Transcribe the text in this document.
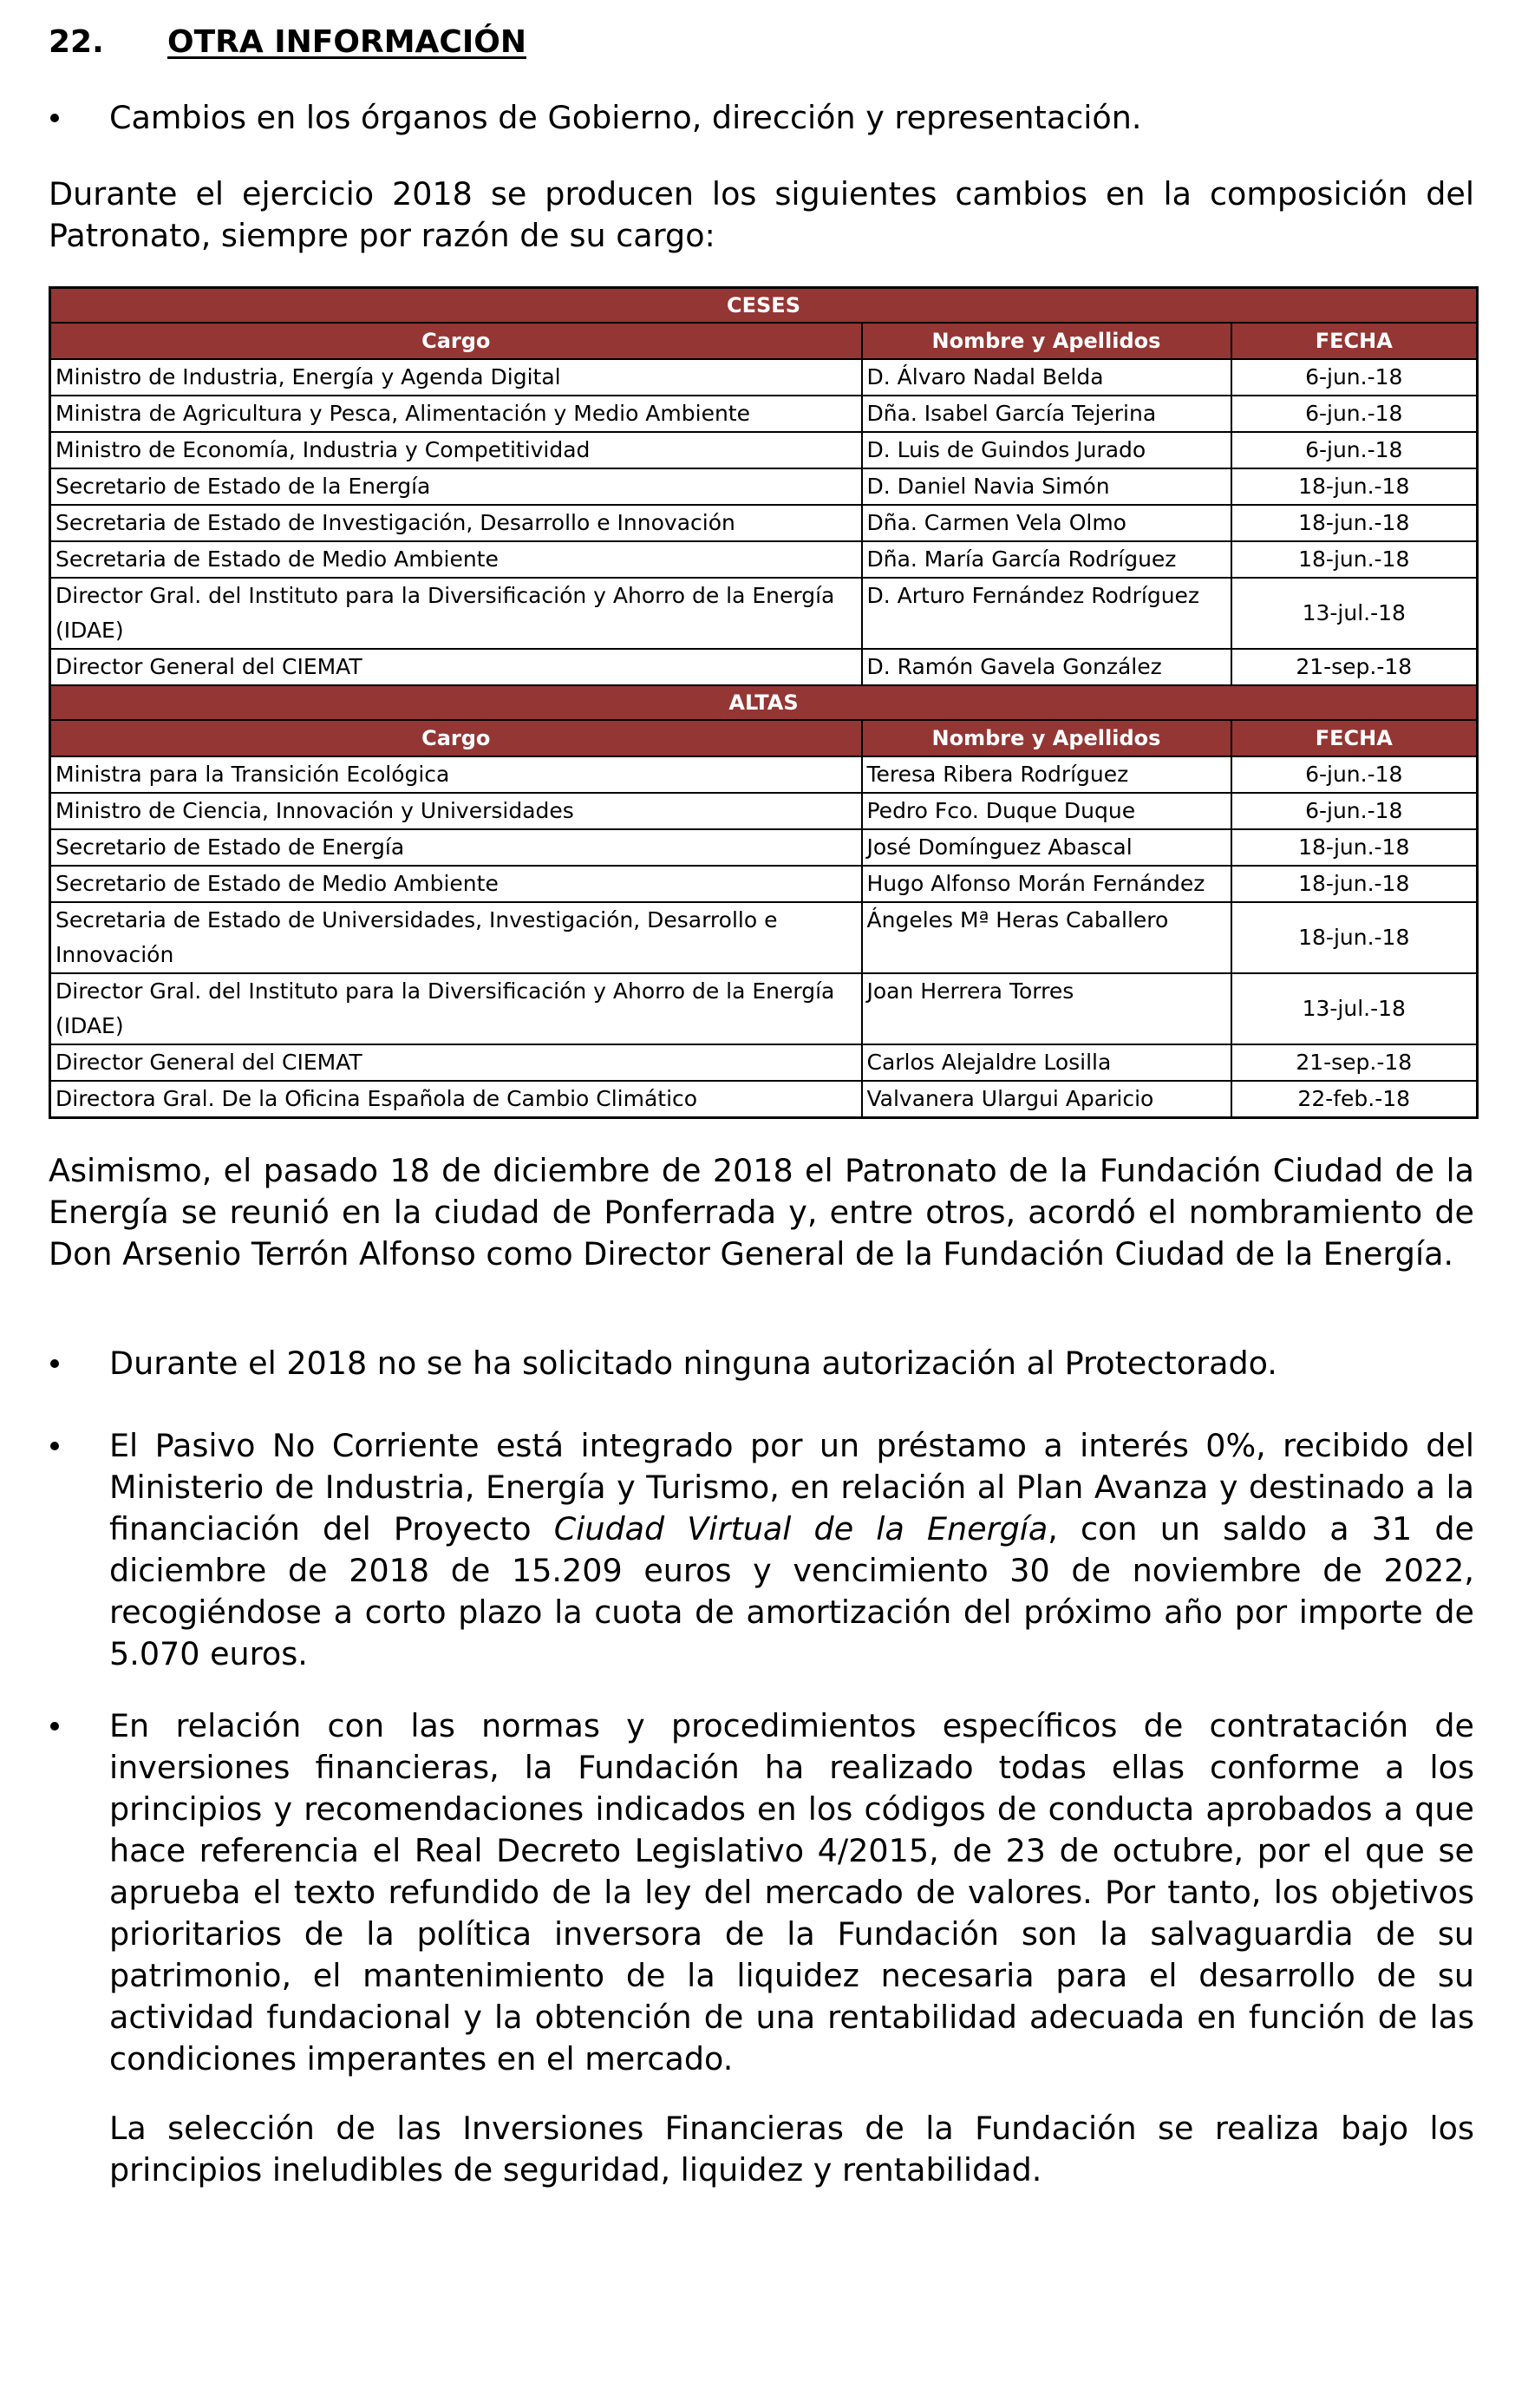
22.	OTRA INFORMACIÓN
Cambios en los órganos de Gobierno, dirección y representación.
Durante el ejercicio 2018 se producen los siguientes cambios en la composición del Patronato, siempre por razón de su cargo:
CESES		
Cargo	Nombre y Apellidos	FECHA
Ministro de Industria, Energía y Agenda Digital	D. Álvaro Nadal Belda	6-jun.-18
Ministra de Agricultura y Pesca, Alimentación y Medio Ambiente	Dña. Isabel García Tejerina	6-jun.-18
Ministro de Economía, Industria y Competitividad	D. Luis de Guindos Jurado	6-jun.-18
Secretario de Estado de la Energía	D. Daniel Navia Simón	18-jun.-18
Secretaria de Estado de Investigación, Desarrollo e Innovación	Dña. Carmen Vela Olmo	18-jun.-18
Secretaria de Estado de Medio Ambiente	Dña. María García Rodríguez	18-jun.-18
Director Gral. del Instituto para la Diversificación y Ahorro de la Energía (IDAE)	D. Arturo Fernández Rodríguez	13-jul.-18
Director General del CIEMAT	D. Ramón Gavela González	21-sep.-18
ALTAS		
Cargo	Nombre y Apellidos	FECHA
Ministra para la Transición Ecológica	Teresa Ribera Rodríguez	6-jun.-18
Ministro de Ciencia, Innovación y Universidades	Pedro Fco. Duque Duque	6-jun.-18
Secretario de Estado de Energía	José Domínguez Abascal	18-jun.-18
Secretario de Estado de Medio Ambiente	Hugo Alfonso Morán Fernández	18-jun.-18
Secretaria de Estado de Universidades, Investigación, Desarrollo e Innovación	Ángeles Mª Heras Caballero	18-jun.-18
Director Gral. del Instituto para la Diversificación y Ahorro de la Energía (IDAE)	Joan Herrera Torres	13-jul.-18
Director General del CIEMAT	Carlos Alejaldre Losilla	21-sep.-18
Directora Gral. De la Oficina Española de Cambio Climático	Valvanera Ulargui Aparicio	22-feb.-18
Asimismo, el pasado 18 de diciembre de 2018 el Patronato de la Fundación Ciudad de la Energía se reunió en la ciudad de Ponferrada y, entre otros, acordó el nombramiento de Don Arsenio Terrón Alfonso como Director General de la Fundación Ciudad de la Energía.
Durante el 2018 no se ha solicitado ninguna autorización al Protectorado.
El Pasivo No Corriente está integrado por un préstamo a interés 0%, recibido del Ministerio de Industria, Energía y Turismo, en relación al Plan Avanza y destinado a la financiación del Proyecto Ciudad Virtual de la Energía, con un saldo a 31 de diciembre de 2018 de 15.209 euros y vencimiento 30 de noviembre de 2022, recogiéndose a corto plazo la cuota de amortización del próximo año por importe de 5.070 euros.
En relación con las normas y procedimientos específicos de contratación de inversiones financieras, la Fundación ha realizado todas ellas conforme a los principios y recomendaciones indicados en los códigos de conducta aprobados a que hace referencia el Real Decreto Legislativo 4/2015, de 23 de octubre, por el que se aprueba el texto refundido de la ley del mercado de valores. Por tanto, los objetivos prioritarios de la política inversora de la Fundación son la salvaguardia de su patrimonio, el mantenimiento de la liquidez necesaria para el desarrollo de su actividad fundacional y la obtención de una rentabilidad adecuada en función de las condiciones imperantes en el mercado.
La selección de las Inversiones Financieras de la Fundación se realiza bajo los principios ineludibles de seguridad, liquidez y rentabilidad.
